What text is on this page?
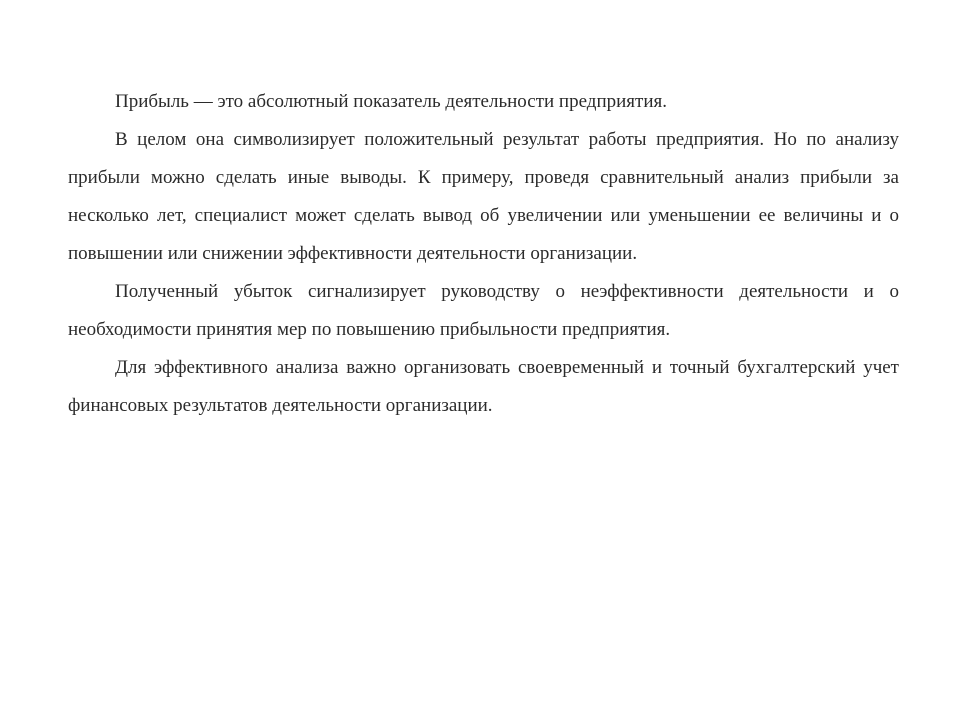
Прибыль — это абсолютный показатель деятельности предприятия.

В целом она символизирует положительный результат работы предприятия. Но по анализу прибыли можно сделать иные выводы. К примеру, проведя сравнительный анализ прибыли за несколько лет, специалист может сделать вывод об увеличении или уменьшении ее величины и о повышении или снижении эффективности деятельности организации.

Полученный убыток сигнализирует руководству о неэффективности деятельности и о необходимости принятия мер по повышению прибыльности предприятия.

Для эффективного анализа важно организовать своевременный и точный бухгалтерский учет финансовых результатов деятельности организации.
